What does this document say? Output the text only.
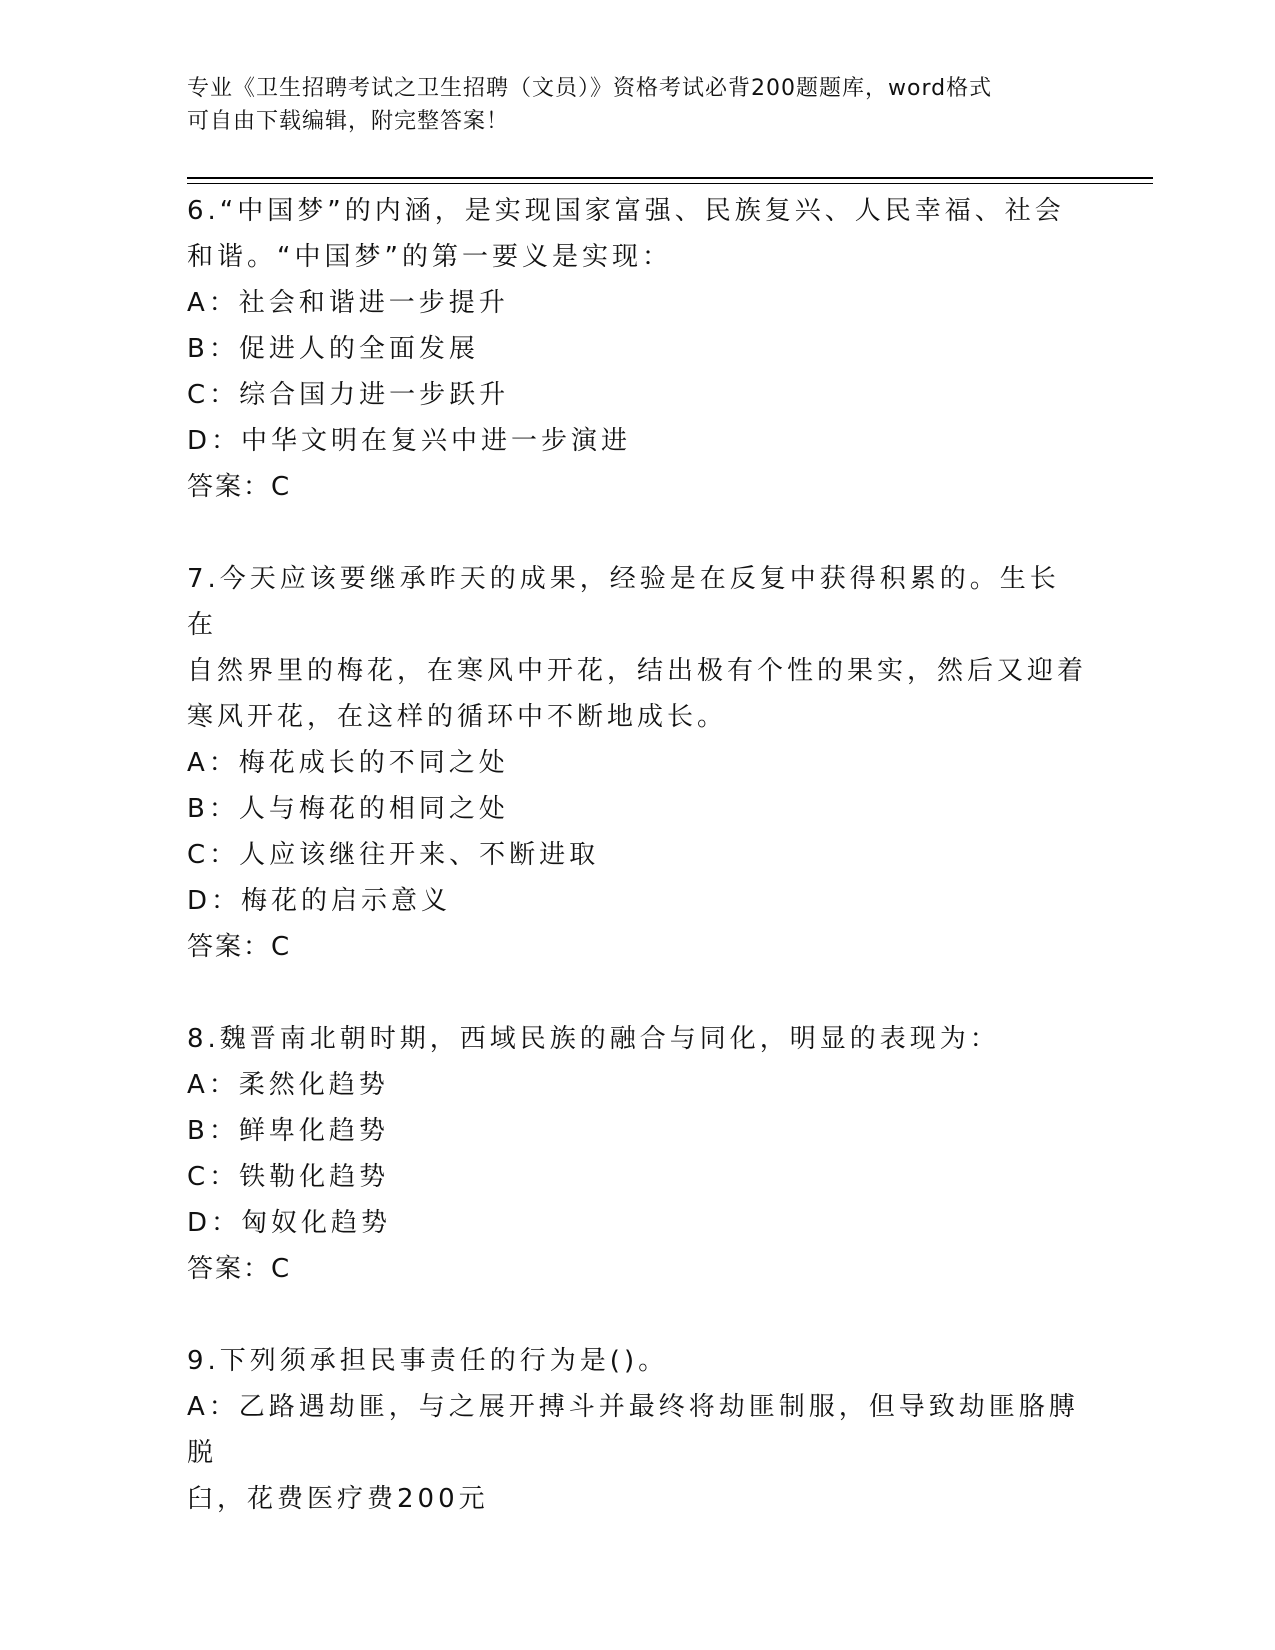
专业《卫生招聘考试之卫生招聘（文员）》资格考试必背200题题库，word格式
可自由下载编辑，附完整答案！
6.“中国梦”的内涵，是实现国家富强、民族复兴、人民幸福、社会
和谐。“中国梦”的第一要义是实现：
A：社会和谐进一步提升
B：促进人的全面发展
C：综合国力进一步跃升
D：中华文明在复兴中进一步演进
答案：C
7.今天应该要继承昨天的成果，经验是在反复中获得积累的。生长在
自然界里的梅花，在寒风中开花，结出极有个性的果实，然后又迎着
寒风开花，在这样的循环中不断地成长。
A：梅花成长的不同之处
B：人与梅花的相同之处
C：人应该继往开来、不断进取
D：梅花的启示意义
答案：C
8.魏晋南北朝时期，西域民族的融合与同化，明显的表现为：
A：柔然化趋势
B：鲜卑化趋势
C：铁勒化趋势
D：匈奴化趋势
答案：C
9.下列须承担民事责任的行为是()。
A：乙路遇劫匪，与之展开搏斗并最终将劫匪制服，但导致劫匪胳膊脱
臼，花费医疗费200元
